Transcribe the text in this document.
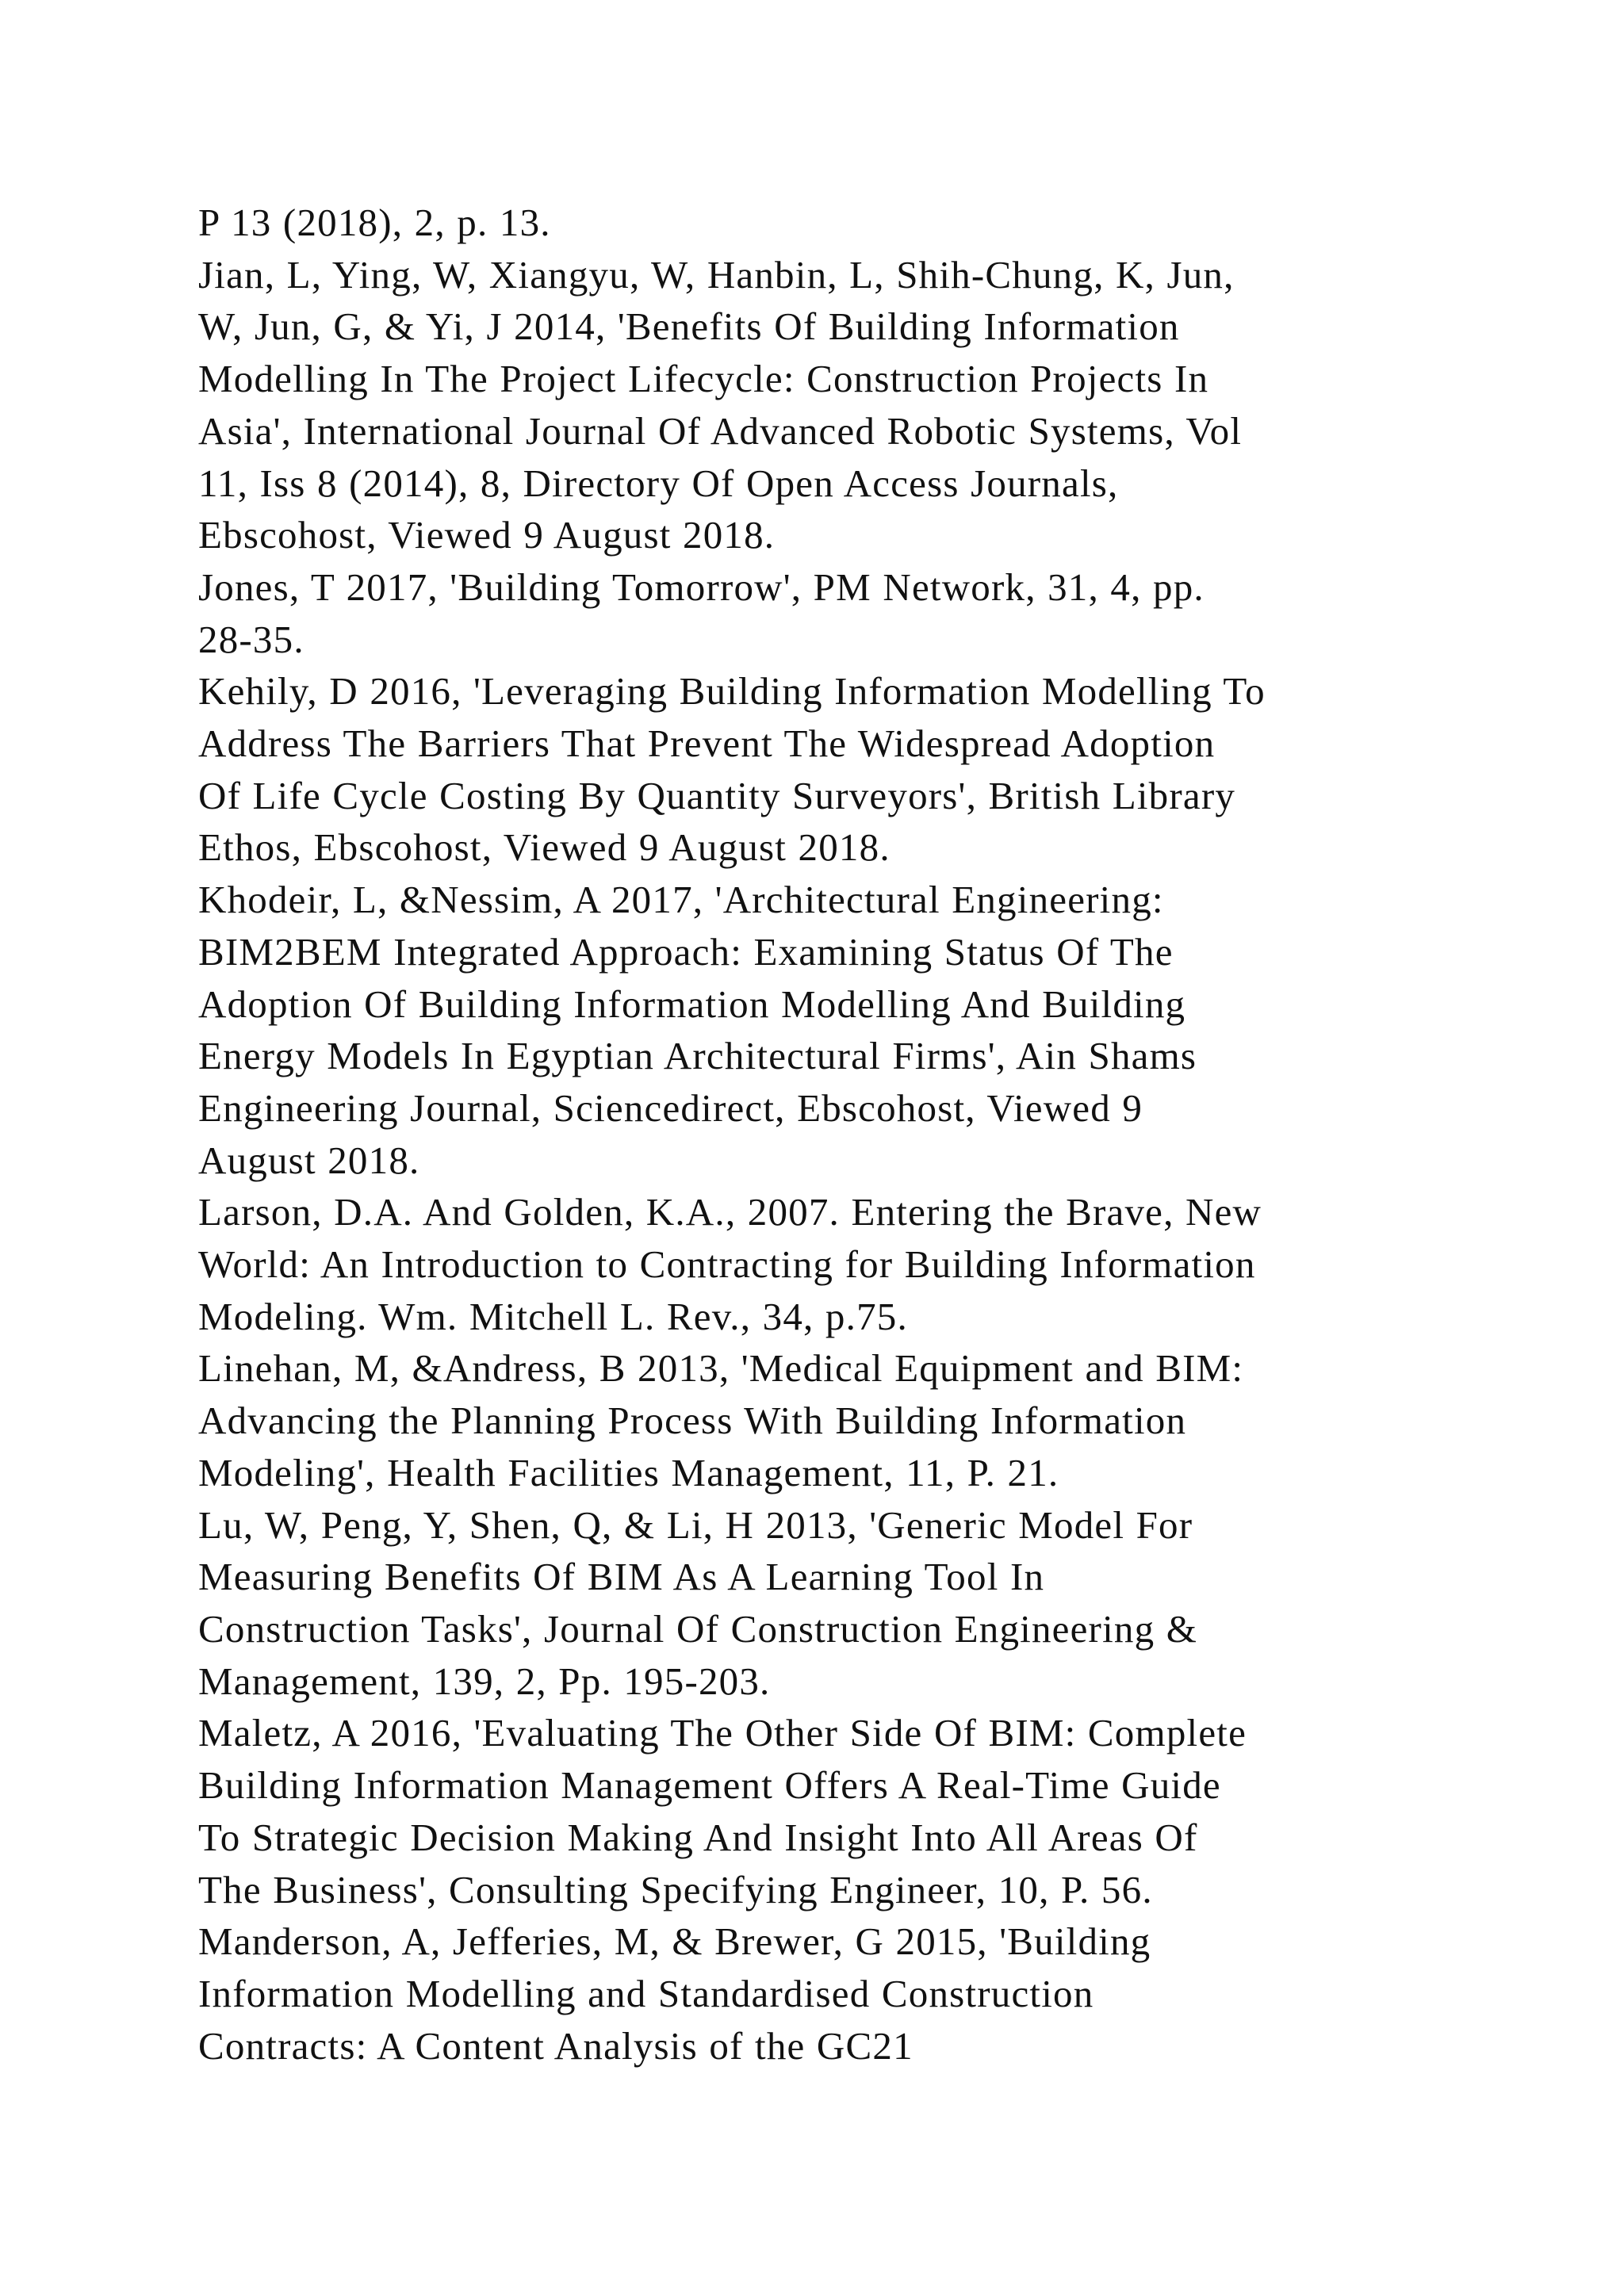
P 13 (2018), 2, p. 13.
Jian, L, Ying, W, Xiangyu, W, Hanbin, L, Shih-Chung, K, Jun,
W, Jun, G, & Yi, J 2014, 'Benefits Of Building Information
Modelling In The Project Lifecycle: Construction Projects In
Asia', International Journal Of Advanced Robotic Systems, Vol
11, Iss 8 (2014), 8, Directory Of Open Access Journals,
Ebscohost, Viewed 9 August 2018.
Jones, T 2017, 'Building Tomorrow', PM Network, 31, 4, pp.
28-35.
Kehily, D 2016, 'Leveraging Building Information Modelling To
Address The Barriers That Prevent The Widespread Adoption
Of Life Cycle Costing By Quantity Surveyors', British Library
Ethos, Ebscohost, Viewed 9 August 2018.
Khodeir, L, &Nessim, A 2017, 'Architectural Engineering:
BIM2BEM Integrated Approach: Examining Status Of The
Adoption Of Building Information Modelling And Building
Energy Models In Egyptian Architectural Firms', Ain Shams
Engineering Journal, Sciencedirect, Ebscohost, Viewed 9
August 2018.
Larson, D.A. And Golden, K.A., 2007. Entering the Brave, New
World: An Introduction to Contracting for Building Information
Modeling. Wm. Mitchell L. Rev., 34, p.75.
Linehan, M, &Andress, B 2013, 'Medical Equipment and BIM:
Advancing the Planning Process With Building Information
Modeling', Health Facilities Management, 11, P. 21.
Lu, W, Peng, Y, Shen, Q, & Li, H 2013, 'Generic Model For
Measuring Benefits Of BIM As A Learning Tool In
Construction Tasks', Journal Of Construction Engineering &
Management, 139, 2, Pp. 195-203.
Maletz, A 2016, 'Evaluating The Other Side Of BIM: Complete
Building Information Management Offers A Real-Time Guide
To Strategic Decision Making And Insight Into All Areas Of
The Business', Consulting Specifying Engineer, 10, P. 56.
Manderson, A, Jefferies, M, & Brewer, G 2015, 'Building
Information Modelling and Standardised Construction
Contracts: A Content Analysis of the GC21
